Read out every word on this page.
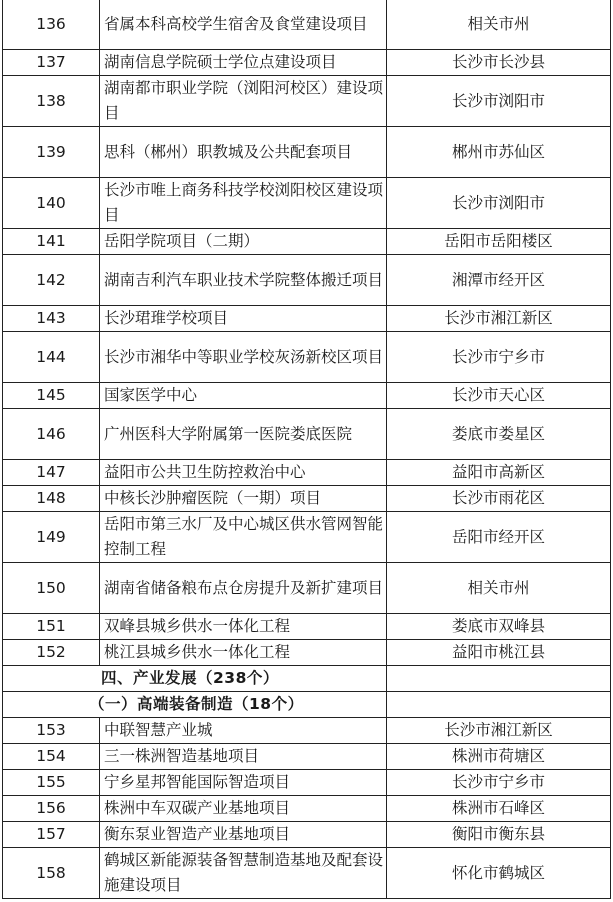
136	省属本科高校学生宿舍及食堂建设项目	相关市州
137	湖南信息学院硕士学位点建设项目	长沙市长沙县
138	湖南都市职业学院（浏阳河校区）建设项目	长沙市浏阳市
139	思科（郴州）职教城及公共配套项目	郴州市苏仙区
140	长沙市唯上商务科技学校浏阳校区建设项目	长沙市浏阳市
141	岳阳学院项目（二期）	岳阳市岳阳楼区
142	湖南吉利汽车职业技术学院整体搬迁项目	湘潭市经开区
143	长沙珺琟学校项目	长沙市湘江新区
144	长沙市湘华中等职业学校灰汤新校区项目	长沙市宁乡市
145	国家医学中心	长沙市天心区
146	广州医科大学附属第一医院娄底医院	娄底市娄星区
147	益阳市公共卫生防控救治中心	益阳市高新区
148	中核长沙肿瘤医院（一期）项目	长沙市雨花区
149	岳阳市第三水厂及中心城区供水管网智能控制工程	岳阳市经开区
150	湖南省储备粮布点仓房提升及新扩建项目	相关市州
151	双峰县城乡供水一体化工程	娄底市双峰县
152	桃江县城乡供水一体化工程	益阳市桃江县
四、产业发展（238个）		
（一）高端装备制造（18个）		
153	中联智慧产业城	长沙市湘江新区
154	三一株洲智造基地项目	株洲市荷塘区
155	宁乡星邦智能国际智造项目	长沙市宁乡市
156	株洲中车双碳产业基地项目	株洲市石峰区
157	衡东泵业智造产业基地项目	衡阳市衡东县
158	鹤城区新能源装备智慧制造基地及配套设施建设项目	怀化市鹤城区
